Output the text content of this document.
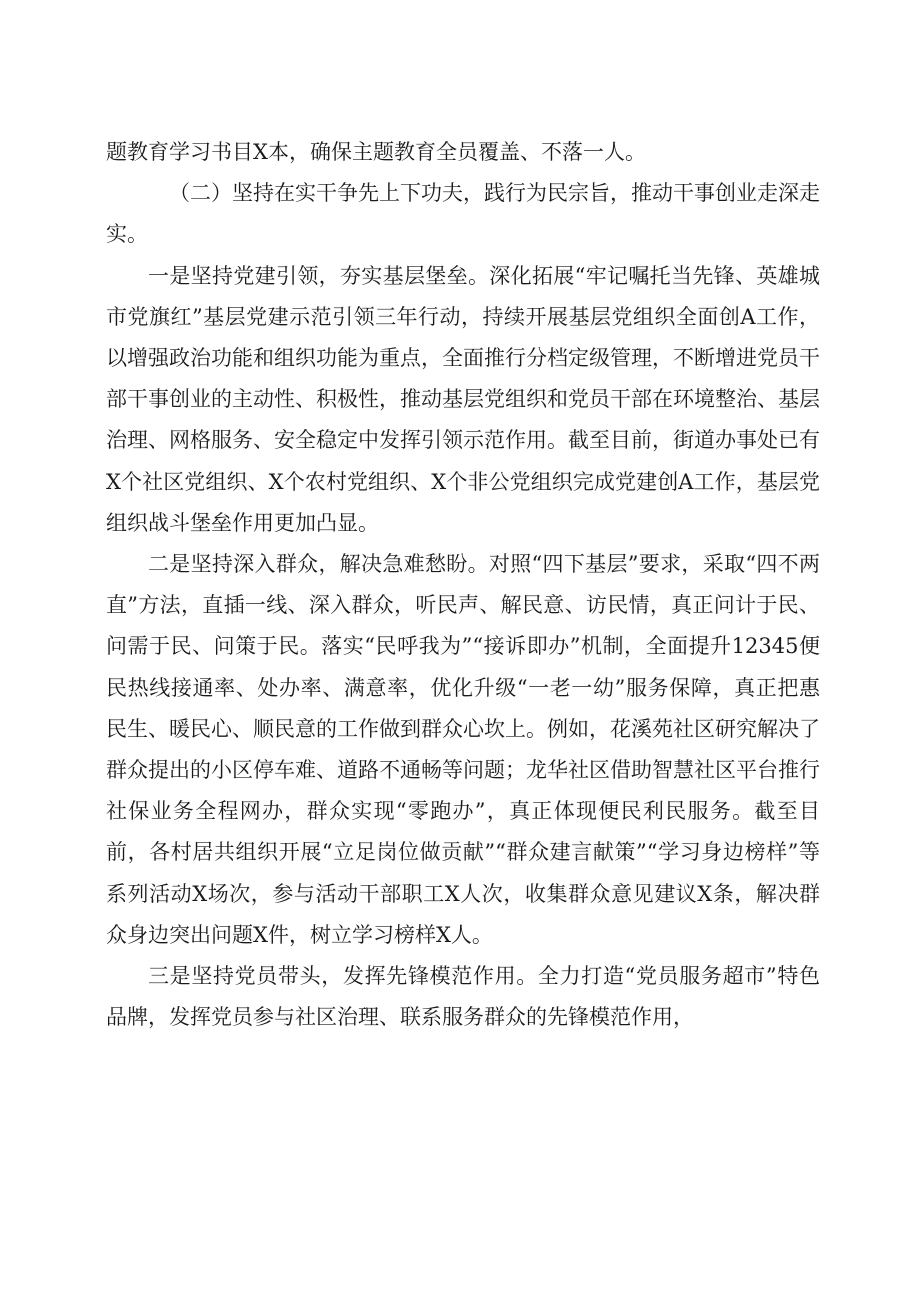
题教育学习书目X本，确保主题教育全员覆盖、不落一人。

（二）坚持在实干争先上下功夫，践行为民宗旨，推动干事创业走深走实。

一是坚持党建引领，夯实基层堡垒。深化拓展“牢记嘱托当先锋、英雄城市党旗红”基层党建示范引领三年行动，持续开展基层党组织全面创A工作，以增强政治功能和组织功能为重点，全面推行分档定级管理，不断增进党员干部干事创业的主动性、积极性，推动基层党组织和党员干部在环境整治、基层治理、网格服务、安全稳定中发挥引领示范作用。截至目前，街道办事处已有X个社区党组织、X个农村党组织、X个非公党组织完成党建创A工作，基层党组织战斗堡垒作用更加凸显。

二是坚持深入群众，解决急难愁盼。对照“四下基层”要求，采取“四不两直”方法，直插一线、深入群众，听民声、解民意、访民情，真正问计于民、问需于民、问策于民。落实“民呼我为”“接诉即办”机制，全面提升12345便民热线接通率、处办率、满意率，优化升级“一老一幼”服务保障，真正把惠民生、暖民心、顺民意的工作做到群众心坎上。例如，花溪苑社区研究解决了群众提出的小区停车难、道路不通畅等问题；龙华社区借助智慧社区平台推行社保业务全程网办，群众实现“零跑办”，真正体现便民利民服务。截至目前，各村居共组织开展“立足岗位做贡献”“群众建言献策”“学习身边榜样”等系列活动X场次，参与活动干部职工X人次，收集群众意见建议X条，解决群众身边突出问题X件，树立学习榜样X人。

三是坚持党员带头，发挥先锋模范作用。全力打造“党员服务超市”特色品牌，发挥党员参与社区治理、联系服务群众的先锋模范作用，
